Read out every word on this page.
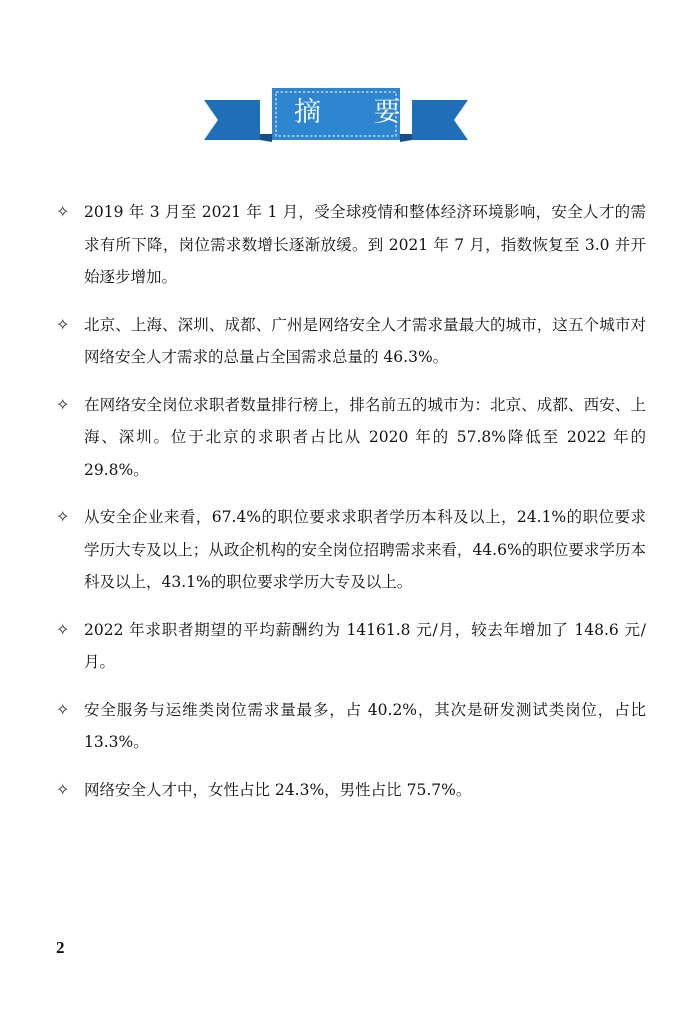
摘 要
✧ 2019 年 3 月至 2021 年 1 月，受全球疫情和整体经济环境影响，安全人才的需求有所下降，岗位需求数增长逐渐放缓。到 2021 年 7 月，指数恢复至 3.0 并开始逐步增加。
✧ 北京、上海、深圳、成都、广州是网络安全人才需求量最大的城市，这五个城市对网络安全人才需求的总量占全国需求总量的 46.3%。
✧ 在网络安全岗位求职者数量排行榜上，排名前五的城市为：北京、成都、西安、上海、深圳。位于北京的求职者占比从 2020 年的 57.8%降低至 2022 年的 29.8%。
✧ 从安全企业来看，67.4%的职位要求求职者学历本科及以上，24.1%的职位要求学历大专及以上；从政企机构的安全岗位招聘需求来看，44.6%的职位要求学历本科及以上，43.1%的职位要求学历大专及以上。
✧ 2022 年求职者期望的平均薪酬约为 14161.8 元/月，较去年增加了 148.6 元/月。
✧ 安全服务与运维类岗位需求量最多，占 40.2%，其次是研发测试类岗位，占比 13.3%。
✧ 网络安全人才中，女性占比 24.3%，男性占比 75.7%。
2
